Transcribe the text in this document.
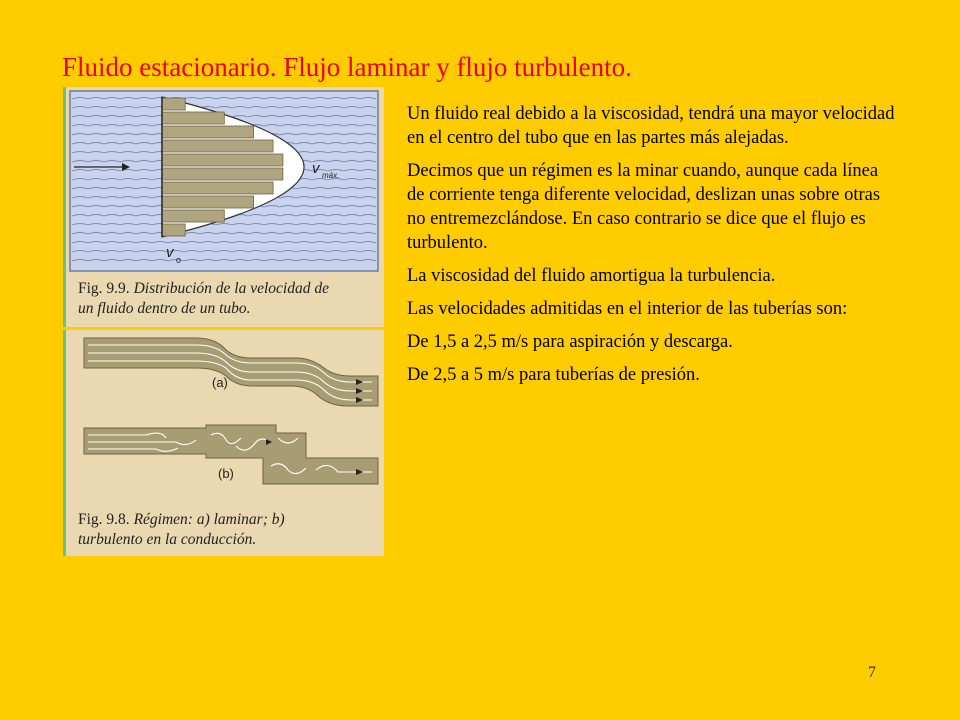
Fluido estacionario. Flujo laminar y flujo turbulento.
v máx.
v o
Fig. 9.9. Distribución de la velocidad de
un fluido dentro de un tubo.
(a)
(b)
Fig. 9.8. Régimen: a) laminar; b)
turbulento en la conducción.

Un fluido real debido a la viscosidad, tendrá una mayor velocidad en el centro del tubo que en las partes más alejadas.

Decimos que un régimen es la minar cuando, aunque cada línea de corriente tenga diferente velocidad, deslizan unas sobre otras no entremezclándose. En caso contrario se dice que el flujo es turbulento.

La viscosidad del fluido amortigua la turbulencia.

Las velocidades admitidas en el interior de las tuberías son:

De 1,5 a 2,5 m/s para aspiración y descarga.

De 2,5 a 5 m/s para tuberías de presión.

7
